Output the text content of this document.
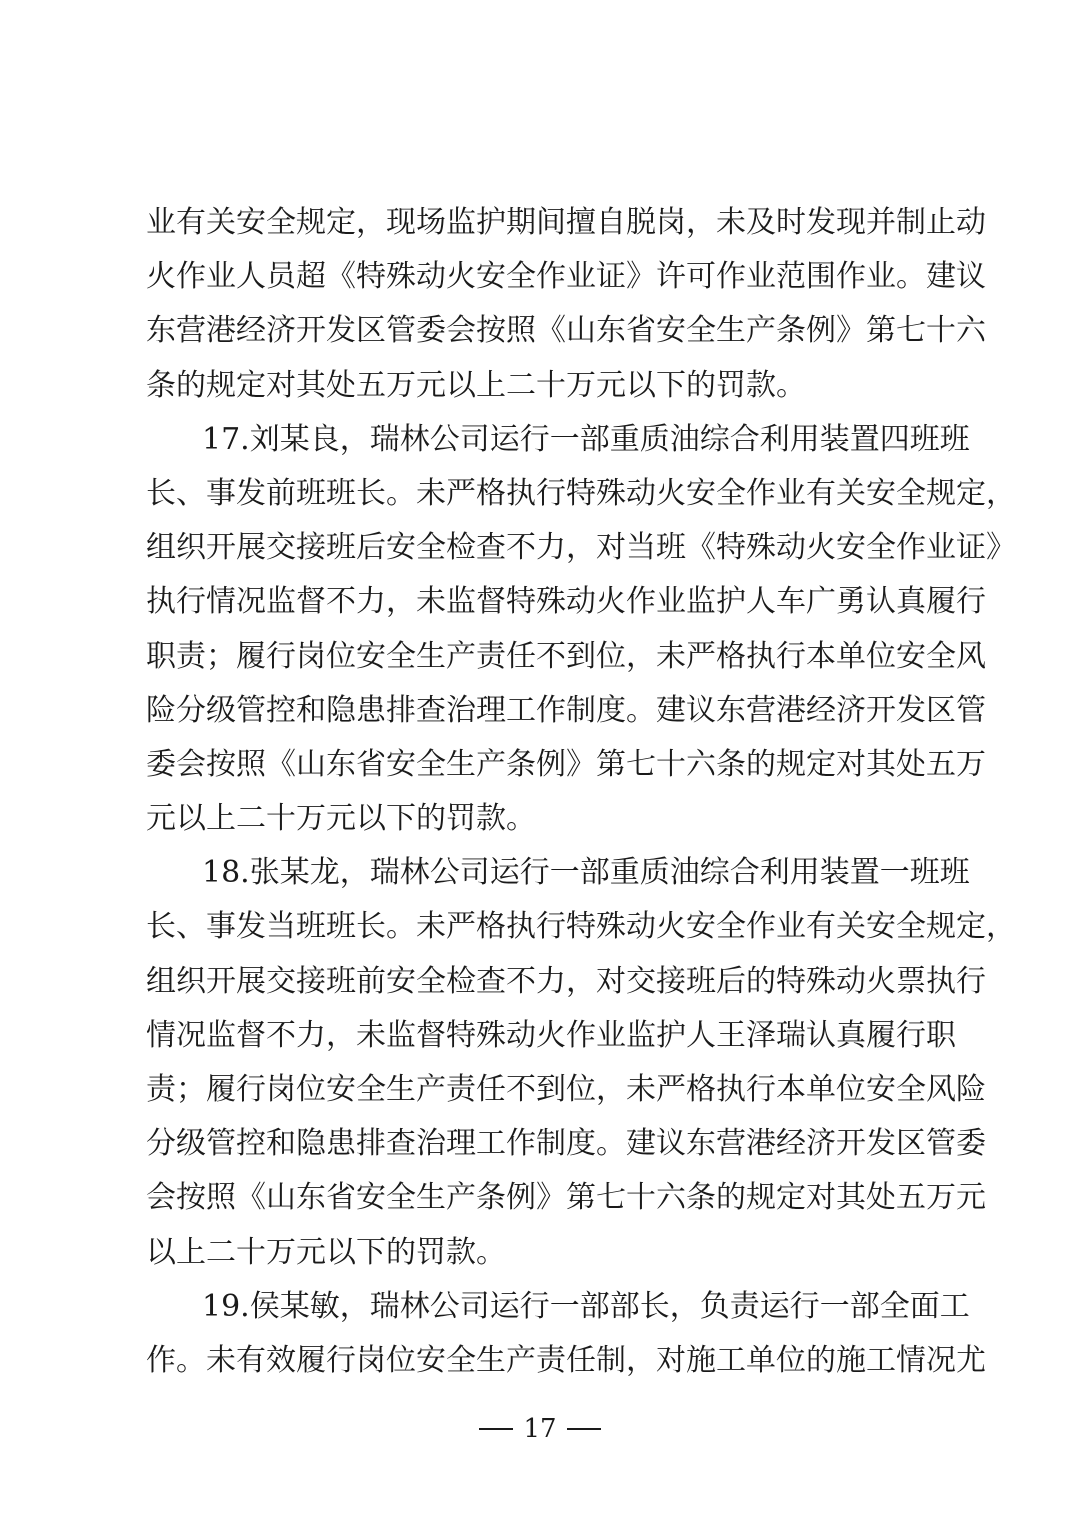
业有关安全规定，现场监护期间擅自脱岗，未及时发现并制止动
火作业人员超《特殊动火安全作业证》许可作业范围作业。建议
东营港经济开发区管委会按照《山东省安全生产条例》第七十六
条的规定对其处五万元以上二十万元以下的罚款。
17.刘某良，瑞林公司运行一部重质油综合利用装置四班班
长、事发前班班长。未严格执行特殊动火安全作业有关安全规定，
组织开展交接班后安全检查不力，对当班《特殊动火安全作业证》
执行情况监督不力，未监督特殊动火作业监护人车广勇认真履行
职责；履行岗位安全生产责任不到位，未严格执行本单位安全风
险分级管控和隐患排查治理工作制度。建议东营港经济开发区管
委会按照《山东省安全生产条例》第七十六条的规定对其处五万
元以上二十万元以下的罚款。
18.张某龙，瑞林公司运行一部重质油综合利用装置一班班
长、事发当班班长。未严格执行特殊动火安全作业有关安全规定，
组织开展交接班前安全检查不力，对交接班后的特殊动火票执行
情况监督不力，未监督特殊动火作业监护人王泽瑞认真履行职
责；履行岗位安全生产责任不到位，未严格执行本单位安全风险
分级管控和隐患排查治理工作制度。建议东营港经济开发区管委
会按照《山东省安全生产条例》第七十六条的规定对其处五万元
以上二十万元以下的罚款。
19.侯某敏，瑞林公司运行一部部长，负责运行一部全面工
作。未有效履行岗位安全生产责任制，对施工单位的施工情况尤
17
